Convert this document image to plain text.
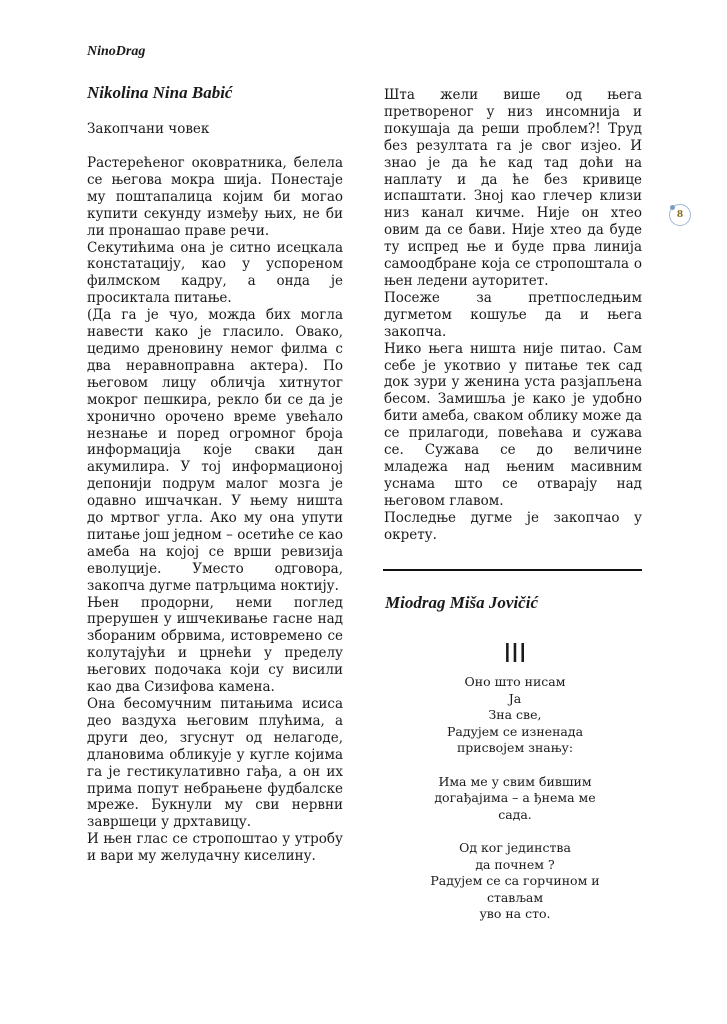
NinoDrag
8
Nikolina Nina Babić
Закопчани човек

Растерећеног оковратника, белела се његова мокра шија. Понестаје му поштапалица којим би могао купити секунду између њих, не би ли пронашао праве речи.

Секутићима она је ситно исецкала констатацију, као у успореном филмском кадру, а онда је просиктала питање.

(Да га је чуо, можда бих могла навести како је гласило. Овако, цедимо дреновину немог филма с два неравноправна актера). По његовом лицу обличја хитнутог мокрог пешкира, рекло би се да је хронично орочено време увећало незнање и поред огромног броја информација које сваки дан акумилира. У тој информационој депонији подрум малог мозга је одавно ишчачкан. У њему ништа до мртвог угла. Ако му она упути питање још једном – осетиће се као амеба на којој се врши ревизија еволуције. Уместо одговора, закопча дугме патрљцима ноктију.

Њен продорни, неми поглед прерушен у ишчекивање гасне над збораним обрвима, истовремено се колутајући и црнећи у пределу његових подочака који су висили као два Сизифова камена.

Она бесомучним питањима исиса део ваздуха његовим плућима, а други део, згуснут од нелагоде, длановима обликује у кугле којима га је гестикулативно гађа, а он их прима попут небрањене фудбалске мреже. Букнули му сви нервни завршеци у дрхтавицу.

И њен глас се стропоштао у утробу и вари му желудачну киселину.

Шта жели више од њега претвореног у низ инсомнија и покушаја да реши проблем?! Труд без резултата га је свог изјео. И знао је да ће кад тад доћи на наплату и да ће без кривице испаштати. Зној као глечер клизи низ канал кичме. Није он хтео овим да се бави. Није хтео да буде ту испред ње и буде прва линија самоодбране која се стропоштала о њен ледени ауторитет.

Посеже за претпоследњим дугметом кошуље да и њега закопча.

Нико њега ништа није питао. Сам себе је укотвио у питање тек сад док зури у женина уста разјапљена бесом. Замишља је како је удобно бити амеба, сваком облику може да се прилагоди, повећава и сужава се. Сужава се до величине младежа над њеним масивним уснама што се отварају над његовом главом.

Последње дугме је закопчао у окрету.

Miodrag Miša Jovičić
III
Оно што нисам
Ја
Зна све,
Радујем се изненада
присвојем знању:
Има ме у свим бившим
догађајима – а ђнема ме
сада.
Од ког јединства
да почнем ?
Радујем се са горчином и
стављам
уво на сто.
